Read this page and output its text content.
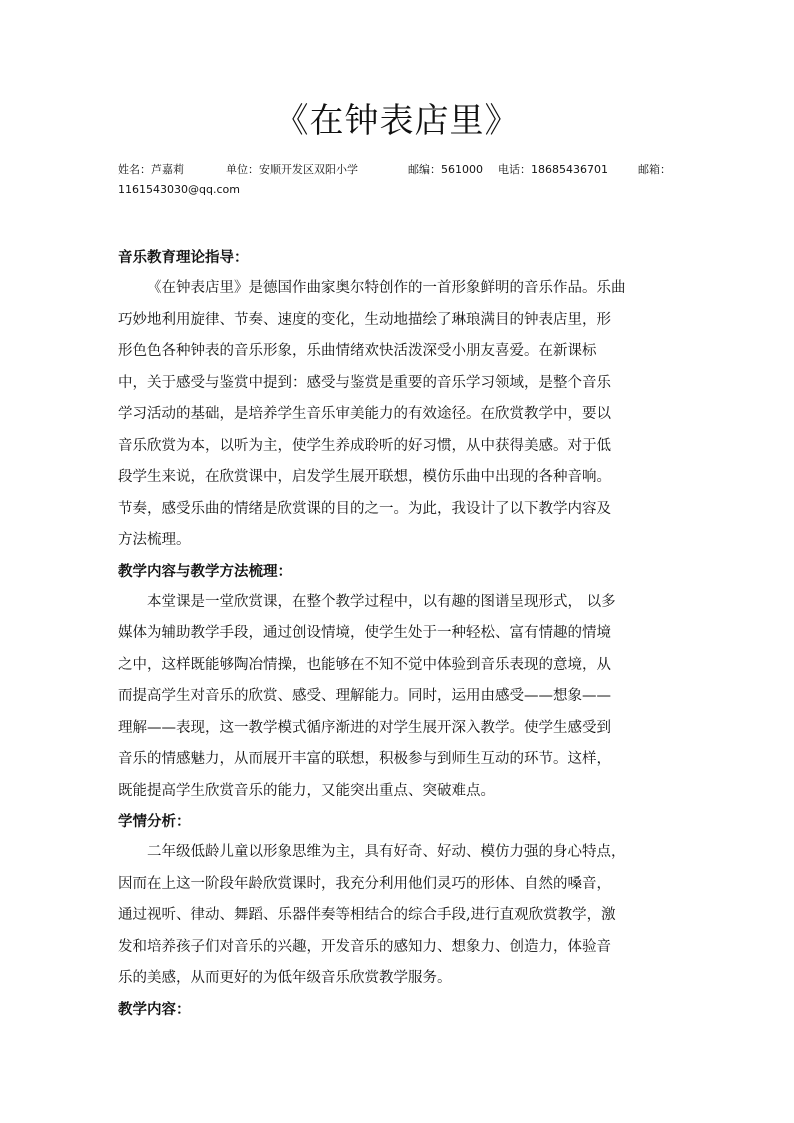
《在钟表店里》
姓名：芦嘉莉	单位：安顺开发区双阳小学	邮编：561000 电话：18685436701	邮箱：
1161543030@qq.com
音乐教育理论指导：
《在钟表店里》是德国作曲家奥尔特创作的一首形象鲜明的音乐作品。乐曲
巧妙地利用旋律、节奏、速度的变化，生动地描绘了琳琅满目的钟表店里，形
形色色各种钟表的音乐形象，乐曲情绪欢快活泼深受小朋友喜爱。在新课标
中，关于感受与鉴赏中提到：感受与鉴赏是重要的音乐学习领域，是整个音乐
学习活动的基础，是培养学生音乐审美能力的有效途径。在欣赏教学中，要以
音乐欣赏为本，以听为主，使学生养成聆听的好习惯，从中获得美感。对于低
段学生来说，在欣赏课中，启发学生展开联想，模仿乐曲中出现的各种音响。
节奏，感受乐曲的情绪是欣赏课的目的之一。为此，我设计了以下教学内容及
方法梳理。
教学内容与教学方法梳理：
本堂课是一堂欣赏课，在整个教学过程中，以有趣的图谱呈现形式， 以多
媒体为辅助教学手段，通过创设情境，使学生处于一种轻松、富有情趣的情境
之中，这样既能够陶冶情操，也能够在不知不觉中体验到音乐表现的意境，从
而提高学生对音乐的欣赏、感受、理解能力。同时，运用由感受——想象——
理解——表现，这一教学模式循序渐进的对学生展开深入教学。使学生感受到
音乐的情感魅力，从而展开丰富的联想，积极参与到师生互动的环节。这样，
既能提高学生欣赏音乐的能力，又能突出重点、突破难点。
学情分析：
二年级低龄儿童以形象思维为主，具有好奇、好动、模仿力强的身心特点，
因而在上这一阶段年龄欣赏课时，我充分利用他们灵巧的形体、自然的嗓音，
通过视听、律动、舞蹈、乐器伴奏等相结合的综合手段,进行直观欣赏教学，激
发和培养孩子们对音乐的兴趣，开发音乐的感知力、想象力、创造力，体验音
乐的美感，从而更好的为低年级音乐欣赏教学服务。
教学内容：
